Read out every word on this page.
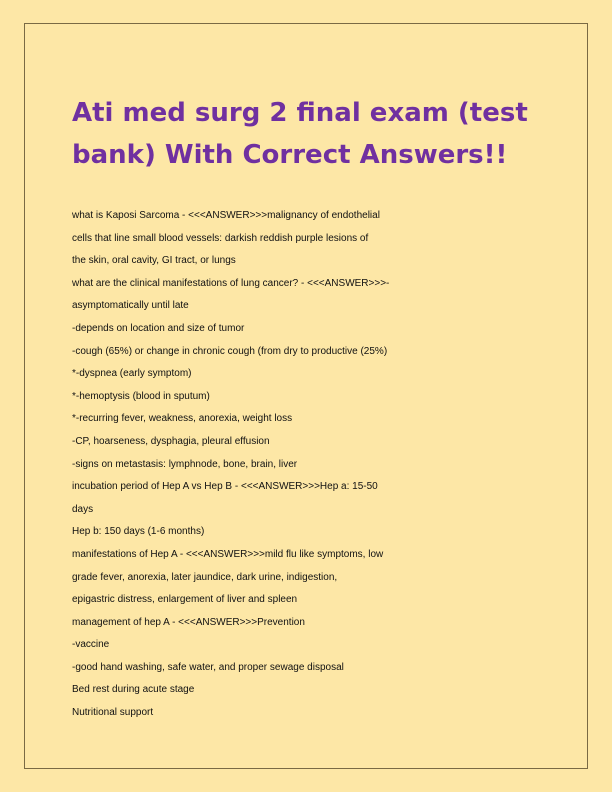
Ati med surg 2 final exam (test bank) With Correct Answers!!
what is Kaposi Sarcoma - <<<ANSWER>>>malignancy of endothelial
cells that line small blood vessels: darkish reddish purple lesions of
the skin, oral cavity, GI tract, or lungs
what are the clinical manifestations of lung cancer? - <<<ANSWER>>>-
asymptomatically until late
-depends on location and size of tumor
-cough (65%) or change in chronic cough (from dry to productive (25%)
*-dyspnea (early symptom)
*-hemoptysis (blood in sputum)
*-recurring fever, weakness, anorexia, weight loss
-CP, hoarseness, dysphagia, pleural effusion
-signs on metastasis: lymphnode, bone, brain, liver
incubation period of Hep A vs Hep B - <<<ANSWER>>>Hep a: 15-50
days
Hep b: 150 days (1-6 months)
manifestations of Hep A - <<<ANSWER>>>mild flu like symptoms, low
grade fever, anorexia, later jaundice, dark urine, indigestion,
epigastric distress, enlargement of liver and spleen
management of hep A - <<<ANSWER>>>Prevention
-vaccine
-good hand washing, safe water, and proper sewage disposal
Bed rest during acute stage
Nutritional support
